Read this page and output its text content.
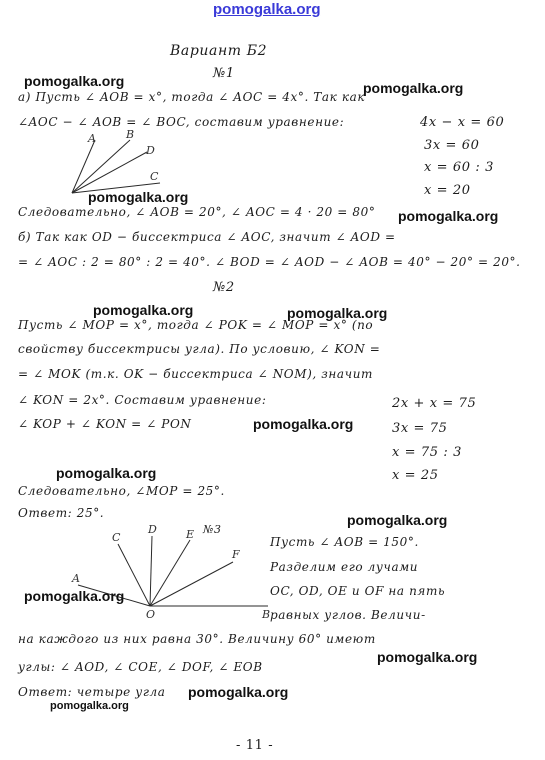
pomogalka.org
Вариант Б2
№1
а) Пусть ∠ AOB = x°, тогда ∠ AOC = 4x°. Так как
∠AOC − ∠ AOB = ∠ BOC, составим уравнение:	4x − x = 60
3x = 60
x = 60 : 3
x = 20
A	B
D
C
Следовательно, ∠ AOB = 20°, ∠ AOC = 4 · 20 = 80°
б) Так как OD − биссектриса ∠ AOC, значит ∠ AOD =
= ∠ AOC : 2 = 80° : 2 = 40°. ∠ BOD = ∠ AOD − ∠ AOB = 40° − 20° = 20°.
№2
Пусть ∠ MOP = x°, тогда ∠ POK = ∠ MOP = x° (по
свойству биссектрисы угла). По условию, ∠ KON =
= ∠ MOK (т.к. OK − биссектриса ∠ NOM), значит
∠ KON = 2x°. Составим уравнение:
∠ KOP + ∠ KON = ∠ PON
2x + x = 75
3x = 75
x = 75 : 3
x = 25
Следовательно, ∠MOP = 25°.
Ответ: 25°.
№3
A
C
D	E
F
O	B
Пусть ∠ AOB = 150°.
Разделим его лучами
OC, OD, OE и OF на пять
равных углов. Величи-
на каждого из них равна 30°. Величину 60° имеют
углы: ∠ AOD, ∠ COE, ∠ DOF, ∠ EOB
Ответ: четыре угла
- 11 -
pomogalka.org	pomogalka.org
pomogalka.org
pomogalka.org
pomogalka.org	pomogalka.org
pomogalka.org
pomogalka.org
pomogalka.org
pomogalka.org
pomogalka.org
pomogalka.org
pomogalka.org
